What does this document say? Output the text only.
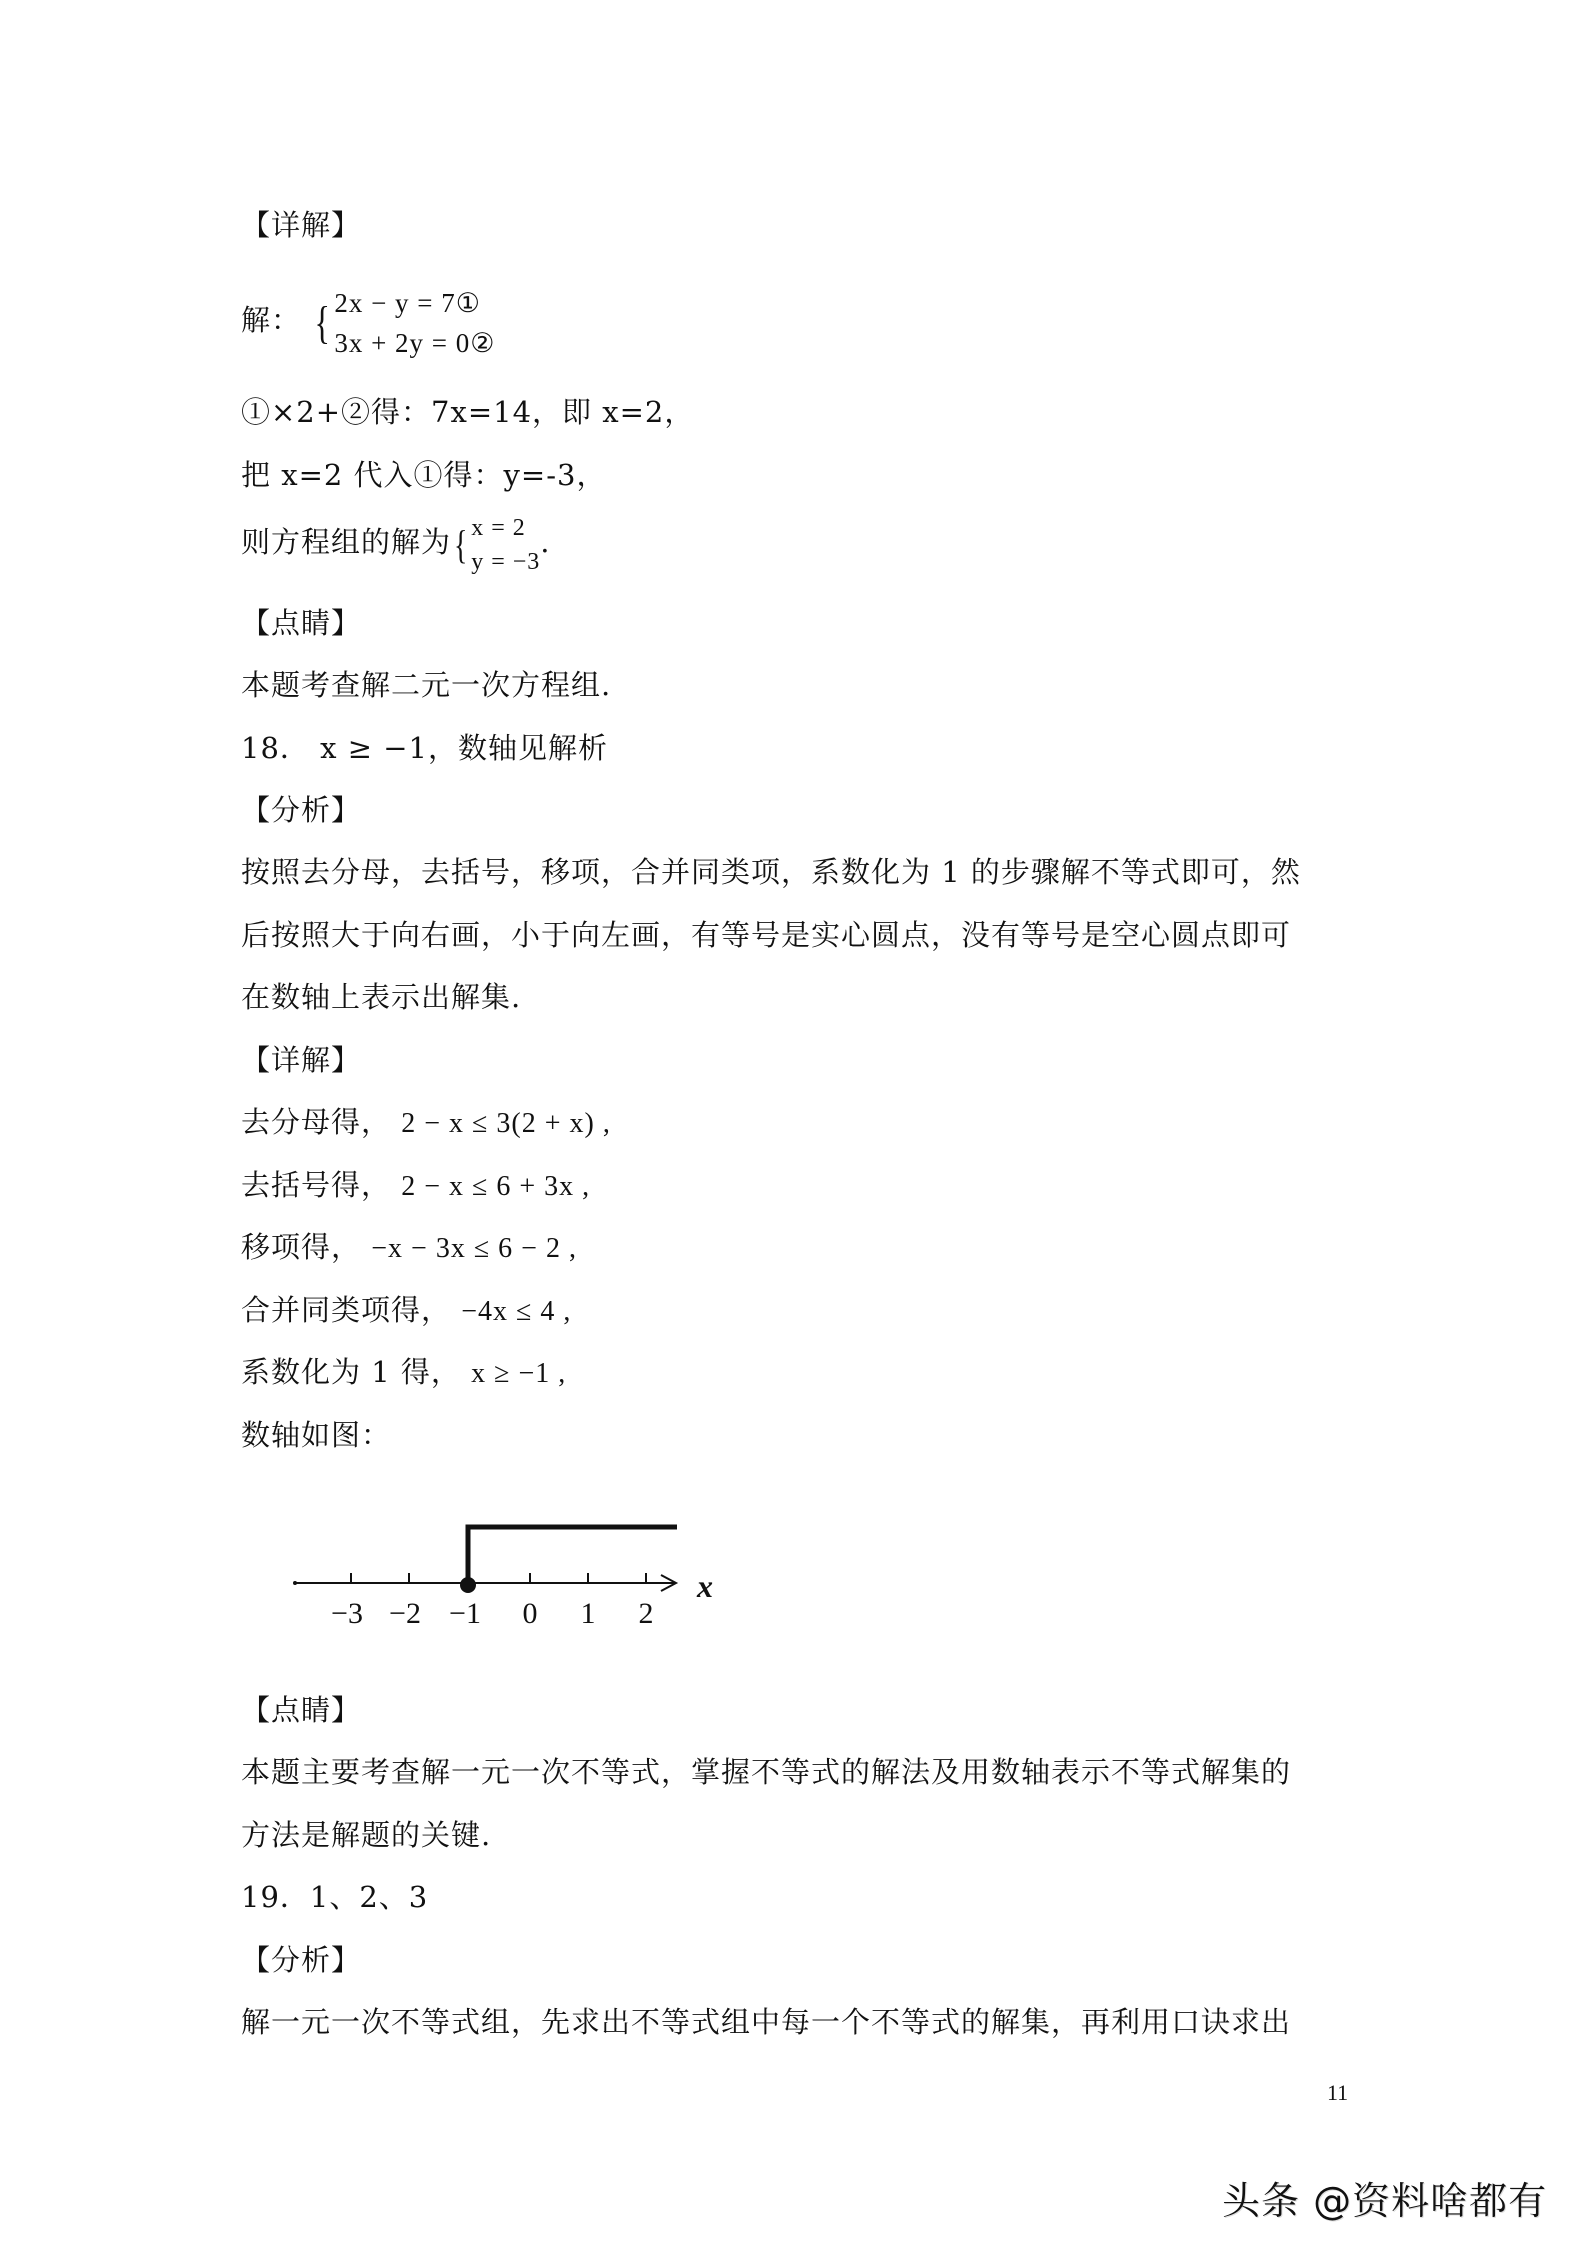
【详解】
解： { 2x − y = 7①
3x + 2y = 0②
①×2+②得：7x=14，即 x=2，
把 x=2 代入①得：y=-3，
则方程组的解为{ x = 2
y = −3
.
【点睛】
本题考查解二元一次方程组.
18． x ≥ −1，数轴见解析
【分析】
按照去分母，去括号，移项，合并同类项，系数化为 1 的步骤解不等式即可，然
后按照大于向右画，小于向左画，有等号是实心圆点，没有等号是空心圆点即可
在数轴上表示出解集.
【详解】
去分母得， 2 − x ≤ 3(2 + x) ,
去括号得， 2 − x ≤ 6 + 3x ,
移项得， −x − 3x ≤ 6 − 2 ,
合并同类项得， −4x ≤ 4 ,
系数化为 1 得， x ≥ −1 ,
数轴如图：
−3 −2 −1 0 1 2
x
【点睛】
本题主要考查解一元一次不等式，掌握不等式的解法及用数轴表示不等式解集的
方法是解题的关键.
19．1、2、3
【分析】
解一元一次不等式组，先求出不等式组中每一个不等式的解集，再利用口诀求出
11
头条 @资料啥都有
